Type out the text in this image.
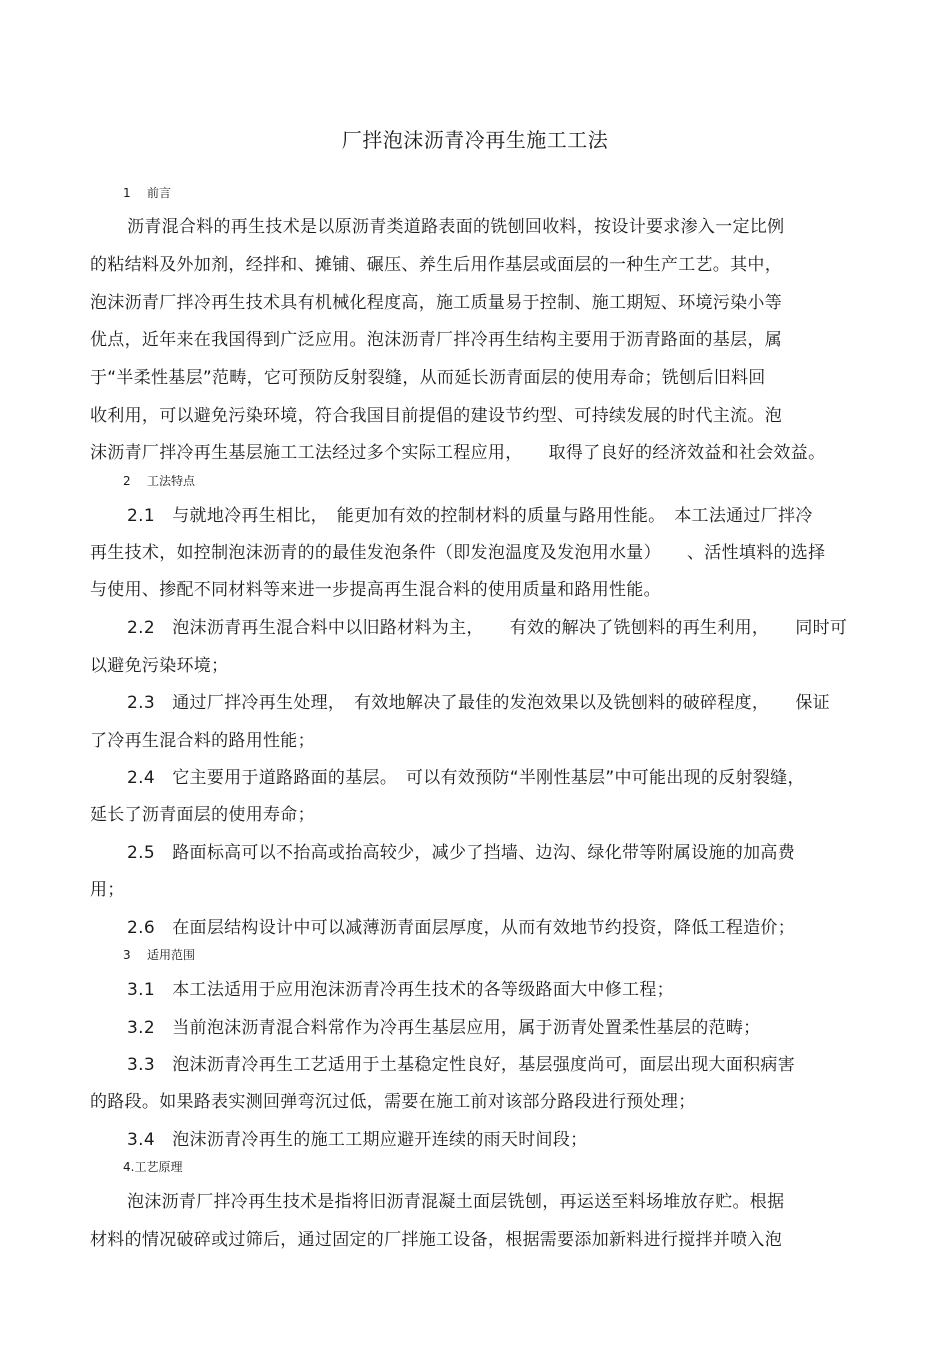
厂拌泡沫沥青冷再生施工工法
1 前言

沥青混合料的再生技术是以原沥青类道路表面的铣刨回收料，按设计要求渗入一定比例

的粘结料及外加剂，经拌和、摊铺、碾压、养生后用作基层或面层的一种生产工艺。其中，

泡沫沥青厂拌冷再生技术具有机械化程度高，施工质量易于控制、施工期短、环境污染小等

优点，近年来在我国得到广泛应用。泡沫沥青厂拌冷再生结构主要用于沥青路面的基层，属

于“半柔性基层”范畴，它可预防反射裂缝，从而延长沥青面层的使用寿命；铣刨后旧料回

收利用，可以避免污染环境，符合我国目前提倡的建设节约型、可持续发展的时代主流。泡

沫沥青厂拌冷再生基层施工工法经过多个实际工程应用，　　取得了良好的经济效益和社会效益。

2 工法特点

2.1　与就地冷再生相比，　能更加有效的控制材料的质量与路用性能。　本工法通过厂拌冷

再生技术，如控制泡沫沥青的的最佳发泡条件（即发泡温度及发泡用水量）　　、活性填料的选择

与使用、掺配不同材料等来进一步提高再生混合料的使用质量和路用性能。

2.2　泡沫沥青再生混合料中以旧路材料为主，　　有效的解决了铣刨料的再生利用，　　同时可

以避免污染环境；

2.3　通过厂拌冷再生处理，　有效地解决了最佳的发泡效果以及铣刨料的破碎程度，　　保证

了冷再生混合料的路用性能；

2.4　它主要用于道路路面的基层。　可以有效预防“半刚性基层”中可能出现的反射裂缝，

延长了沥青面层的使用寿命；

2.5　路面标高可以不抬高或抬高较少，减少了挡墙、边沟、绿化带等附属设施的加高费

用；

2.6　在面层结构设计中可以减薄沥青面层厚度，从而有效地节约投资，降低工程造价；

3 适用范围

3.1　本工法适用于应用泡沫沥青冷再生技术的各等级路面大中修工程；

3.2　当前泡沫沥青混合料常作为冷再生基层应用，属于沥青处置柔性基层的范畴；

3.3　泡沫沥青冷再生工艺适用于土基稳定性良好，基层强度尚可，面层出现大面积病害

的路段。如果路表实测回弹弯沉过低，需要在施工前对该部分路段进行预处理；

3.4　泡沫沥青冷再生的施工工期应避开连续的雨天时间段；

4.工艺原理

泡沫沥青厂拌冷再生技术是指将旧沥青混凝土面层铣刨，再运送至料场堆放存贮。根据

材料的情况破碎或过筛后，通过固定的厂拌施工设备，根据需要添加新料进行搅拌并喷入泡
